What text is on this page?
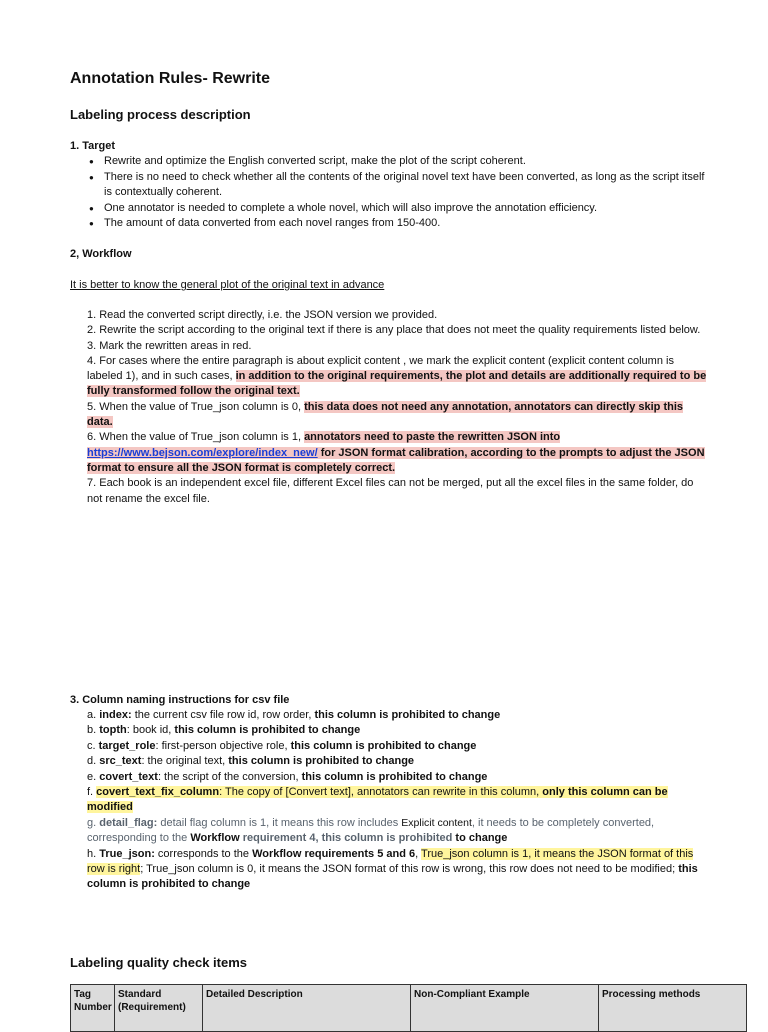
Annotation Rules- Rewrite
Labeling process description
1. Target
● Rewrite and optimize the English converted script, make the plot of the script coherent.
● There is no need to check whether all the contents of the original novel text have been converted, as long as the script itself is contextually coherent.
● One annotator is needed to complete a whole novel, which will also improve the annotation efficiency.
● The amount of data converted from each novel ranges from 150-400.
2, Workflow
It is better to know the general plot of the original text in advance

1. Read the converted script directly, i.e. the JSON version we provided.

2. Rewrite the script according to the original text if there is any place that does not meet the quality requirements listed below.

3. Mark the rewritten areas in red.

4. For cases where the entire paragraph is about explicit content , we mark the explicit content (explicit content column is labeled 1), and in such cases, in addition to the original requirements, the plot and details are additionally required to be fully transformed follow the original text.

5. When the value of True_json column is 0, this data does not need any annotation, annotators can directly skip this data.

6. When the value of True_json column is 1, annotators need to paste the rewritten JSON into
https://www.bejson.com/explore/index_new/ for JSON format calibration, according to the prompts to adjust the JSON format to ensure all the JSON format is completely correct.

7. Each book is an independent excel file, different Excel files can not be merged, put all the excel files in the same folder, do not rename the excel file.

3. Column naming instructions for csv file

a. index: the current csv file row id, row order, this column is prohibited to change

b. topth: book id, this column is prohibited to change

c. target_role: first-person objective role, this column is prohibited to change

d. src_text: the original text, this column is prohibited to change

e. covert_text: the script of the conversion, this column is prohibited to change

f. covert_text_fix_column: The copy of [Convert text], annotators can rewrite in this column, only this column can be modified

g. detail_flag: detail flag column is 1, it means this row includes Explicit content, it needs to be completely converted, corresponding to the Workflow requirement 4, this column is prohibited to change

h. True_json: corresponds to the Workflow requirements 5 and 6, True_json column is 1, it means the JSON format of this row is right; True_json column is 0, it means the JSON format of this row is wrong, this row does not need to be modified; this column is prohibited to change

Labeling quality check items
Tag Number	Standard (Requirement)	Detailed Description	Non-Compliant Example	Processing methods
